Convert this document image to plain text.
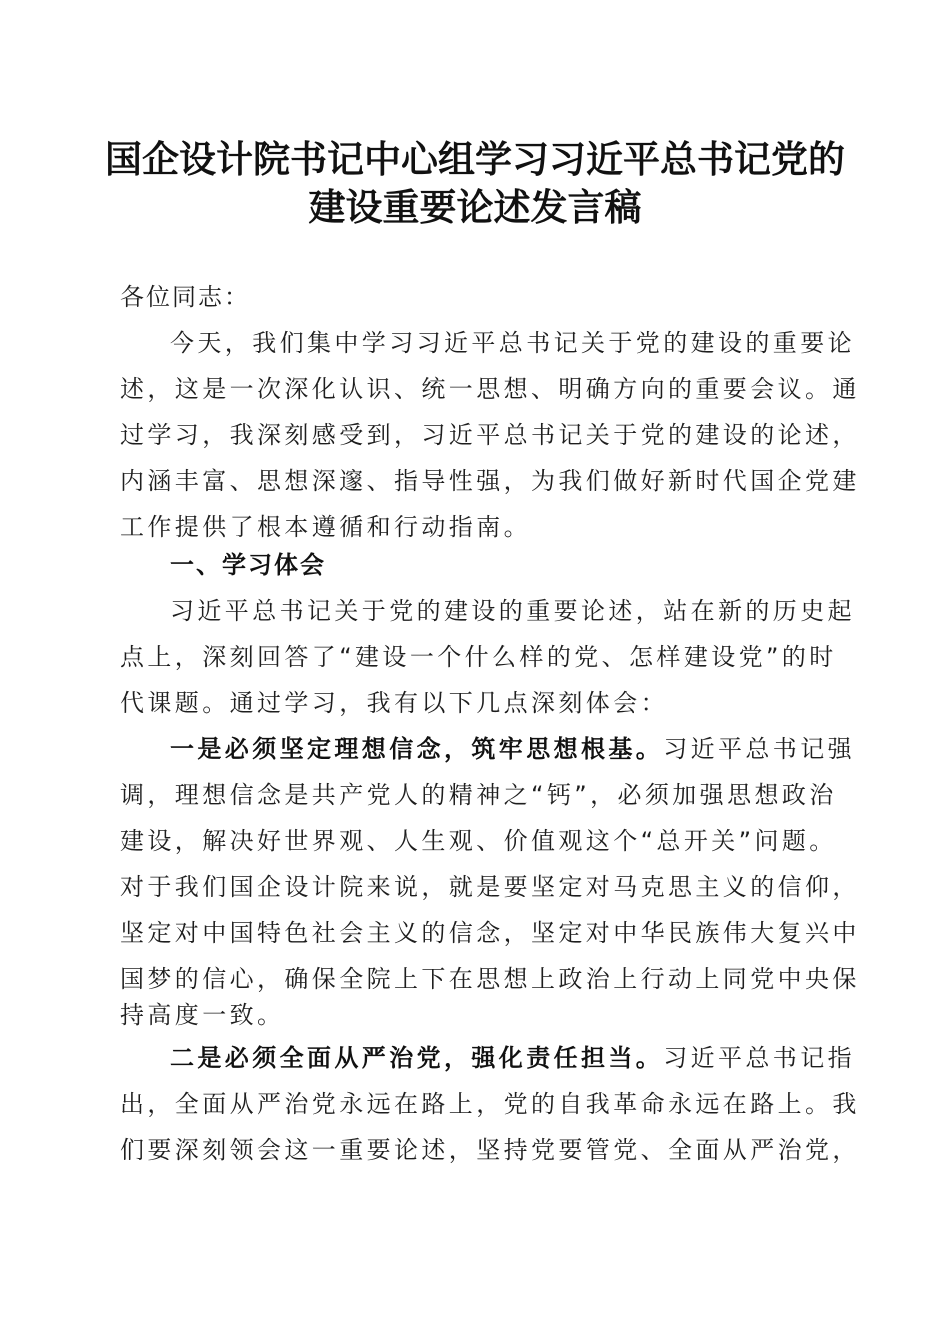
国企设计院书记中心组学习习近平总书记党的
建设重要论述发言稿
各位同志：
今天，我们集中学习习近平总书记关于党的建设的重要论
述，这是一次深化认识、统一思想、明确方向的重要会议。通
过学习，我深刻感受到，习近平总书记关于党的建设的论述，
内涵丰富、思想深邃、指导性强，为我们做好新时代国企党建
工作提供了根本遵循和行动指南。
一、学习体会
习近平总书记关于党的建设的重要论述，站在新的历史起
点上，深刻回答了“建设一个什么样的党、怎样建设党”的时
代课题。通过学习，我有以下几点深刻体会：
一是必须坚定理想信念，筑牢思想根基。习近平总书记强
调，理想信念是共产党人的精神之“钙”，必须加强思想政治
建设，解决好世界观、人生观、价值观这个“总开关”问题。
对于我们国企设计院来说，就是要坚定对马克思主义的信仰，
坚定对中国特色社会主义的信念，坚定对中华民族伟大复兴中
国梦的信心，确保全院上下在思想上政治上行动上同党中央保
持高度一致。
二是必须全面从严治党，强化责任担当。习近平总书记指
出，全面从严治党永远在路上，党的自我革命永远在路上。我
们要深刻领会这一重要论述，坚持党要管党、全面从严治党，
